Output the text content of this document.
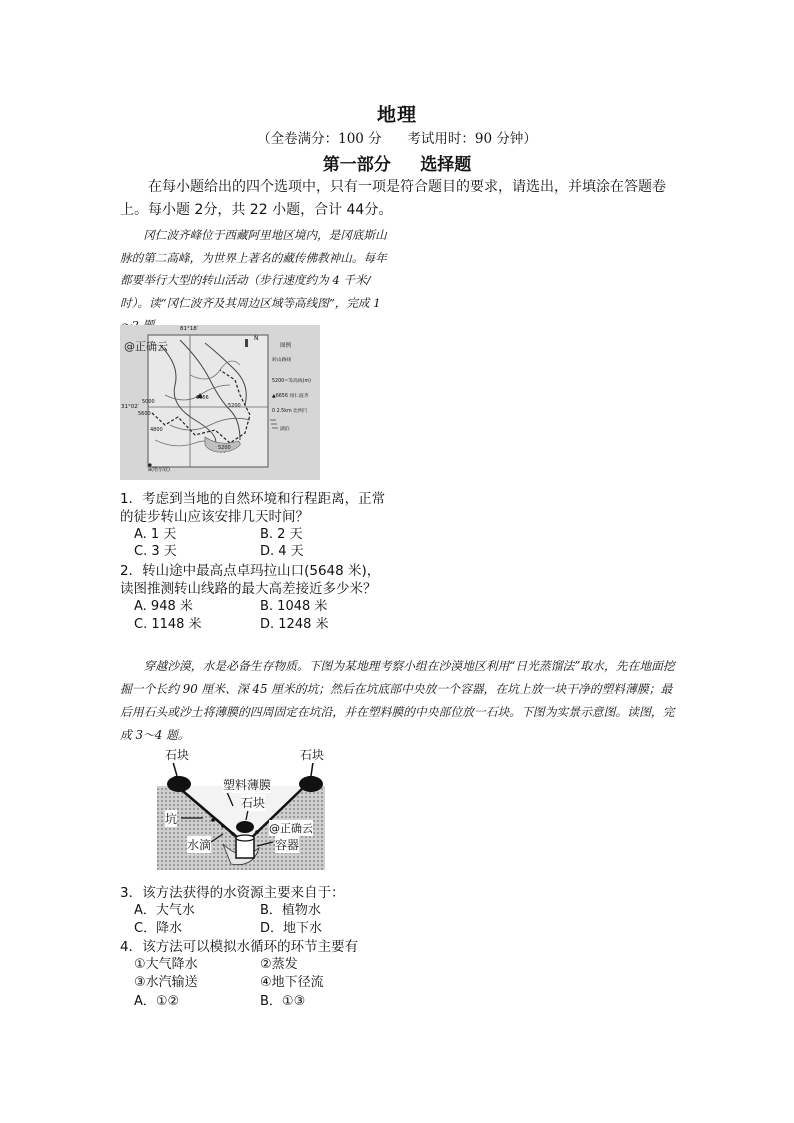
地理
（全卷满分：100 分      考试用时：90 分钟）
第一部分     选择题
在每小题给出的四个选项中，只有一项是符合题目的要求，请选出，并填涂在答题卷上。每小题 2分，共 22 小题，合计 44分。
冈仁波齐峰位于西藏阿里地区境内，是冈底斯山脉的第二高峰，为世界上著名的藏传佛教神山。每年都要举行大型的转山活动（步行速度约为 4 千米/时）。读“冈仁波齐及其周边区域等高线图”，完成 1
@正确云
81°18′
31°02′
N
5000
5600
4800
5200
5200
6656
a(塔尔钦)
图例
转山路线
5200~等高线(m)
▲6656 冈仁波齐
0 2.5km 比例尺
湖泊
1．考虑到当地的自然环境和行程距离，正常
的徒步转山应该安排几天时间？
A. 1 天	B. 2 天
C. 3 天	D. 4 天
2．转山途中最高点卓玛拉山口(5648 米)，
读图推测转山线路的最大高差接近多少米？
A. 948 米	B. 1048 米
C. 1148 米	D. 1248 米
穿越沙漠，水是必备生存物质。下图为某地理考察小组在沙漠地区利用“日光蒸馏法”取水，先在地面挖掘一个长约 90 厘米、深 45 厘米的坑；然后在坑底部中央放一个容器，在坑上放一块干净的塑料薄膜；最后用石头或沙土将薄膜的四周固定在坑沿，并在塑料膜的中央部位放一石块。下图为实景示意图。读图，完成 3～4 题。
石块	石块
塑料薄膜
石块
坑
水滴	容器
@正确云
3．该方法获得的水资源主要来自于：
A．大气水	B．植物水
C．降水	D．地下水
4．该方法可以模拟水循环的环节主要有
①大气降水	②蒸发
③水汽输送	④地下径流
A．①②	B．①③
